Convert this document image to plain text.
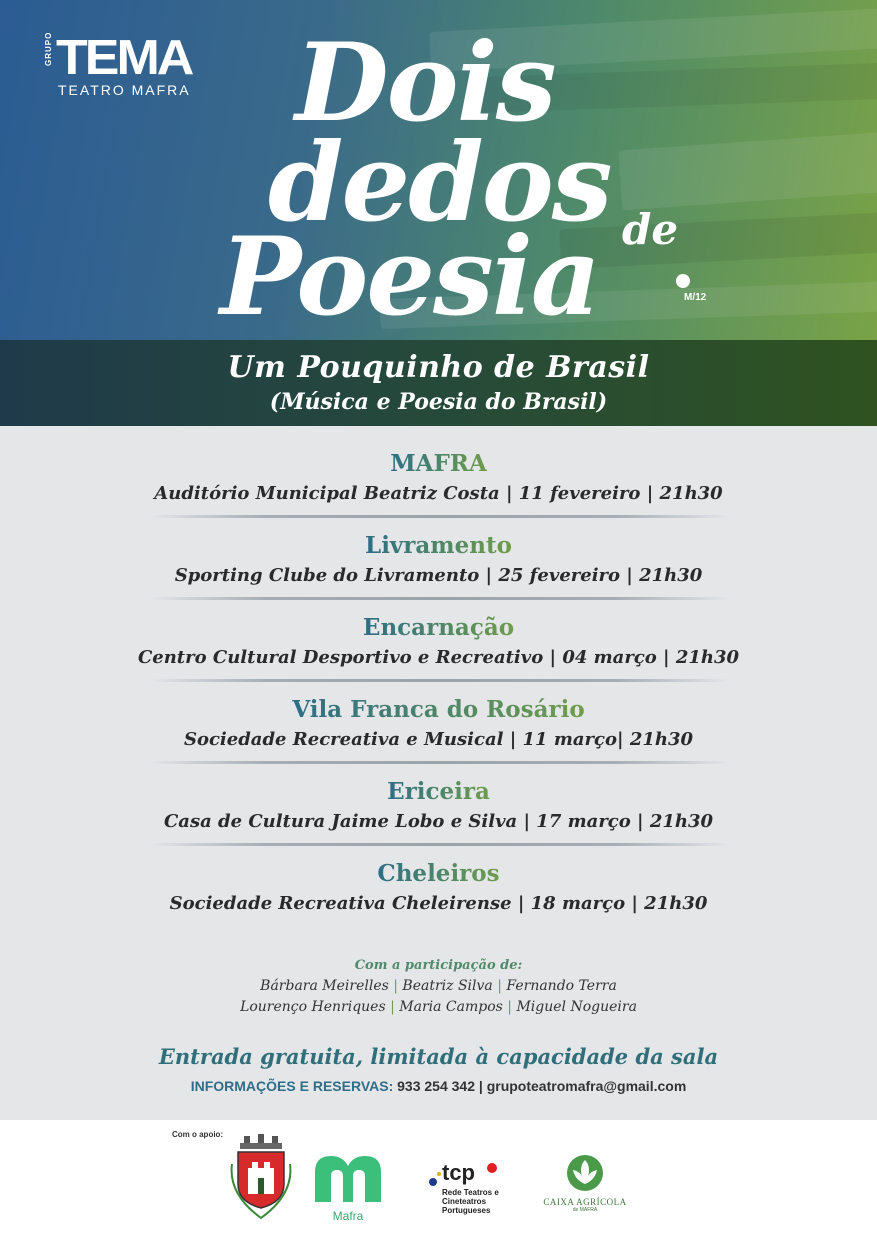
GRUPO TEMA
TEATRO MAFRA Dois
dedos
Poesia de
M/12
Um Pouquinho de Brasil
(Música e Poesia do Brasil)
MAFRA
Auditório Municipal Beatriz Costa | 11 fevereiro | 21h30
Livramento
Sporting Clube do Livramento | 25 fevereiro | 21h30
Encarnação
Centro Cultural Desportivo e Recreativo | 04 março | 21h30
Vila Franca do Rosário
Sociedade Recreativa e Musical | 11 março| 21h30
Ericeira
Casa de Cultura Jaime Lobo e Silva | 17 março | 21h30
Cheleiros
Sociedade Recreativa Cheleirense | 18 março | 21h30
Com a participação de:
Bárbara Meirelles | Beatriz Silva | Fernando Terra
Lourenço Henriques | Maria Campos | Miguel Nogueira
Entrada gratuita, limitada à capacidade da sala
INFORMAÇÕES E RESERVAS: 933 254 342 | grupoteatromafra@gmail.com
Com o apoio:
Mafra
tcp
Rede Teatros e Cineteatros Portugueses
CAIXA AGRÍCOLA
de MAFRA
